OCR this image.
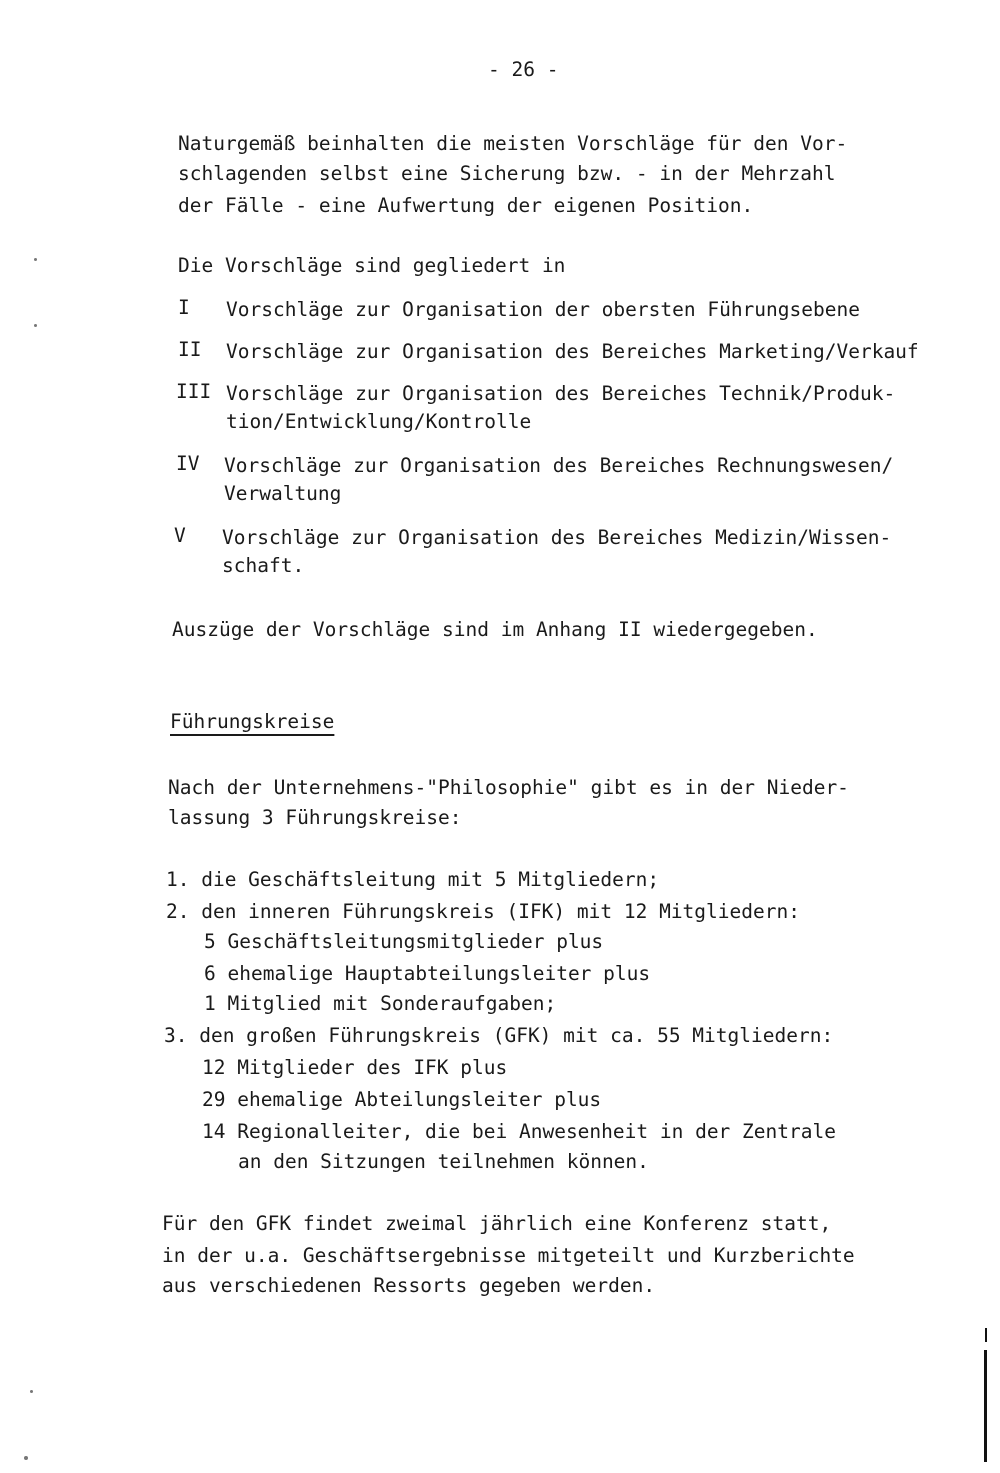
- 26 -
Naturgemäß beinhalten die meisten Vorschläge für den Vor-
schlagenden selbst eine Sicherung bzw. - in der Mehrzahl
der Fälle - eine Aufwertung der eigenen Position.
Die Vorschläge sind gegliedert in
I Vorschläge zur Organisation der obersten Führungsebene
II Vorschläge zur Organisation des Bereiches Marketing/Verkauf
III Vorschläge zur Organisation des Bereiches Technik/Produk-
tion/Entwicklung/Kontrolle
IV Vorschläge zur Organisation des Bereiches Rechnungswesen/
Verwaltung
V Vorschläge zur Organisation des Bereiches Medizin/Wissen-
schaft.
Auszüge der Vorschläge sind im Anhang II wiedergegeben.
Führungskreise
Nach der Unternehmens-"Philosophie" gibt es in der Nieder-
lassung 3 Führungskreise:
1. die Geschäftsleitung mit 5 Mitgliedern;
2. den inneren Führungskreis (IFK) mit 12 Mitgliedern:
5 Geschäftsleitungsmitglieder plus
6 ehemalige Hauptabteilungsleiter plus
1 Mitglied mit Sonderaufgaben;
3. den großen Führungskreis (GFK) mit ca. 55 Mitgliedern:
12 Mitglieder des IFK plus
29 ehemalige Abteilungsleiter plus
14 Regionalleiter, die bei Anwesenheit in der Zentrale
an den Sitzungen teilnehmen können.
Für den GFK findet zweimal jährlich eine Konferenz statt,
in der u.a. Geschäftsergebnisse mitgeteilt und Kurzberichte
aus verschiedenen Ressorts gegeben werden.
